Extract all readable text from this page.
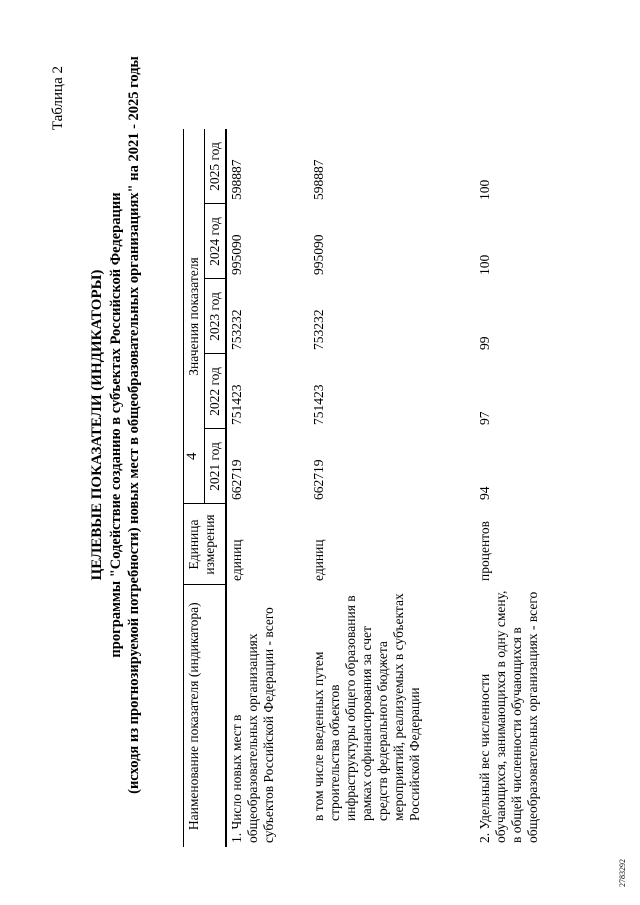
2783292
4
Таблица 2
ЦЕЛЕВЫЕ ПОКАЗАТЕЛИ (ИНДИКАТОРЫ) программы "Содействие созданию в субъектах Российской Федерации (исходя из прогнозируемой потребности) новых мест в общеобразовательных организациях" на 2021 - 2025 годы	Наименование показателя (индикатора)	Единица измерения	Значения показателя				
		2021 год	2022 год	2023 год	2024 год	2025 год
1. Число новых мест в общеобразовательных организациях субъектов Российской Федерации - всего	единиц	662719	751423	753232	995090	598887
в том числе введенных путем строительства объектов инфраструктуры общего образования в рамках софинансирования за счет средств федерального бюджета мероприятий, реализуемых в субъектах Российской Федерации	единиц	662719	751423	753232	995090	598887
2. Удельный вес численности обучающихся, занимающихся в одну смену, в общей численности обучающихся в общеобразовательных организациях - всего	процентов	94	97	99	100	100
